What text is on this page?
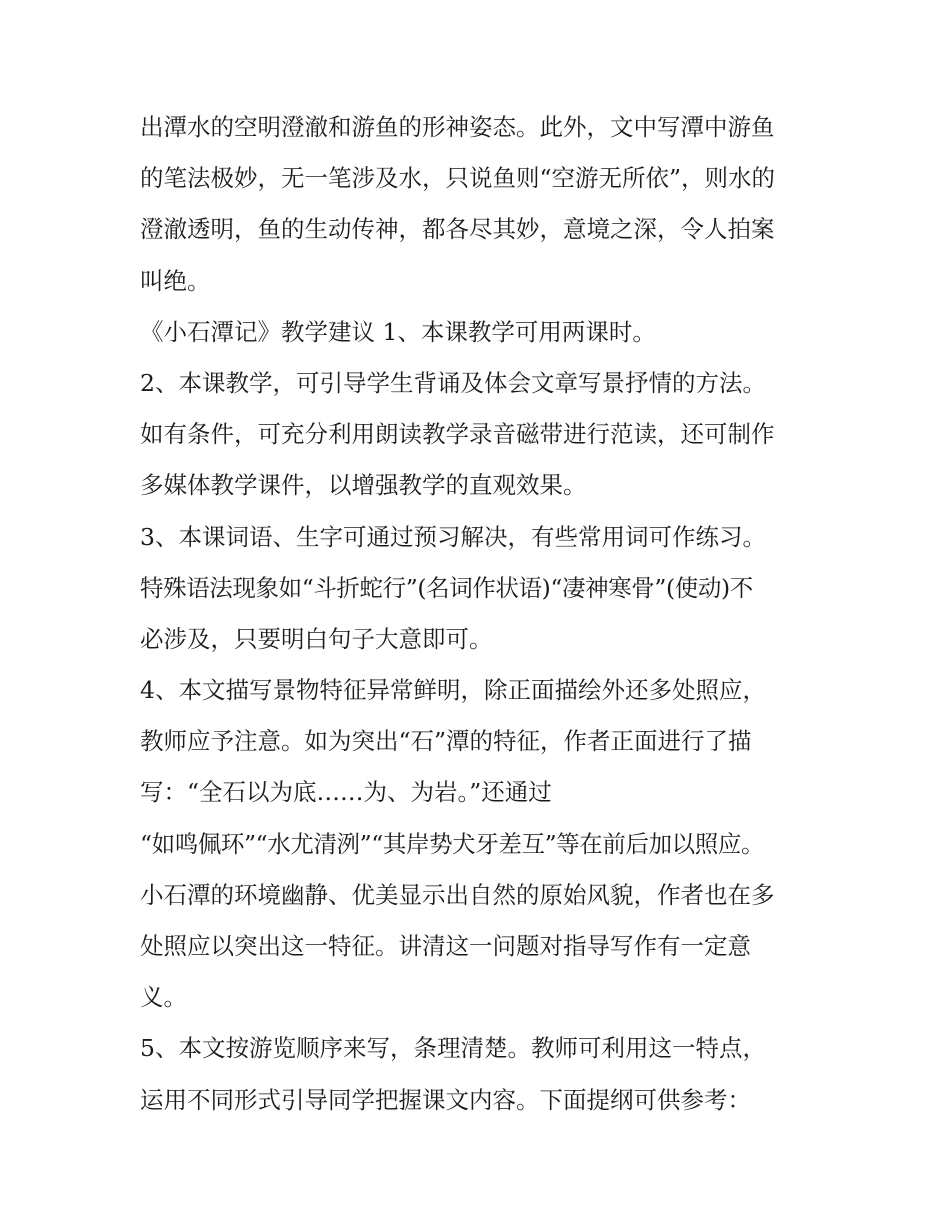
出潭水的空明澄澈和游鱼的形神姿态。此外，文中写潭中游鱼
的笔法极妙，无一笔涉及水，只说鱼则“空游无所依”，则水的
澄澈透明，鱼的生动传神，都各尽其妙，意境之深，令人拍案
叫绝。
《小石潭记》教学建议 1、本课教学可用两课时。
2、本课教学，可引导学生背诵及体会文章写景抒情的方法。
如有条件，可充分利用朗读教学录音磁带进行范读，还可制作
多媒体教学课件，以增强教学的直观效果。
3、本课词语、生字可通过预习解决，有些常用词可作练习。
特殊语法现象如“斗折蛇行”(名词作状语)“凄神寒骨”(使动)不
必涉及，只要明白句子大意即可。
4、本文描写景物特征异常鲜明，除正面描绘外还多处照应，
教师应予注意。如为突出“石”潭的特征，作者正面进行了描
写：“全石以为底……为、为岩。”还通过
“如鸣佩环”“水尤清洌”“其岸势犬牙差互”等在前后加以照应。
小石潭的环境幽静、优美显示出自然的原始风貌，作者也在多
处照应以突出这一特征。讲清这一问题对指导写作有一定意
义。
5、本文按游览顺序来写，条理清楚。教师可利用这一特点，
运用不同形式引导同学把握课文内容。下面提纲可供参考：
